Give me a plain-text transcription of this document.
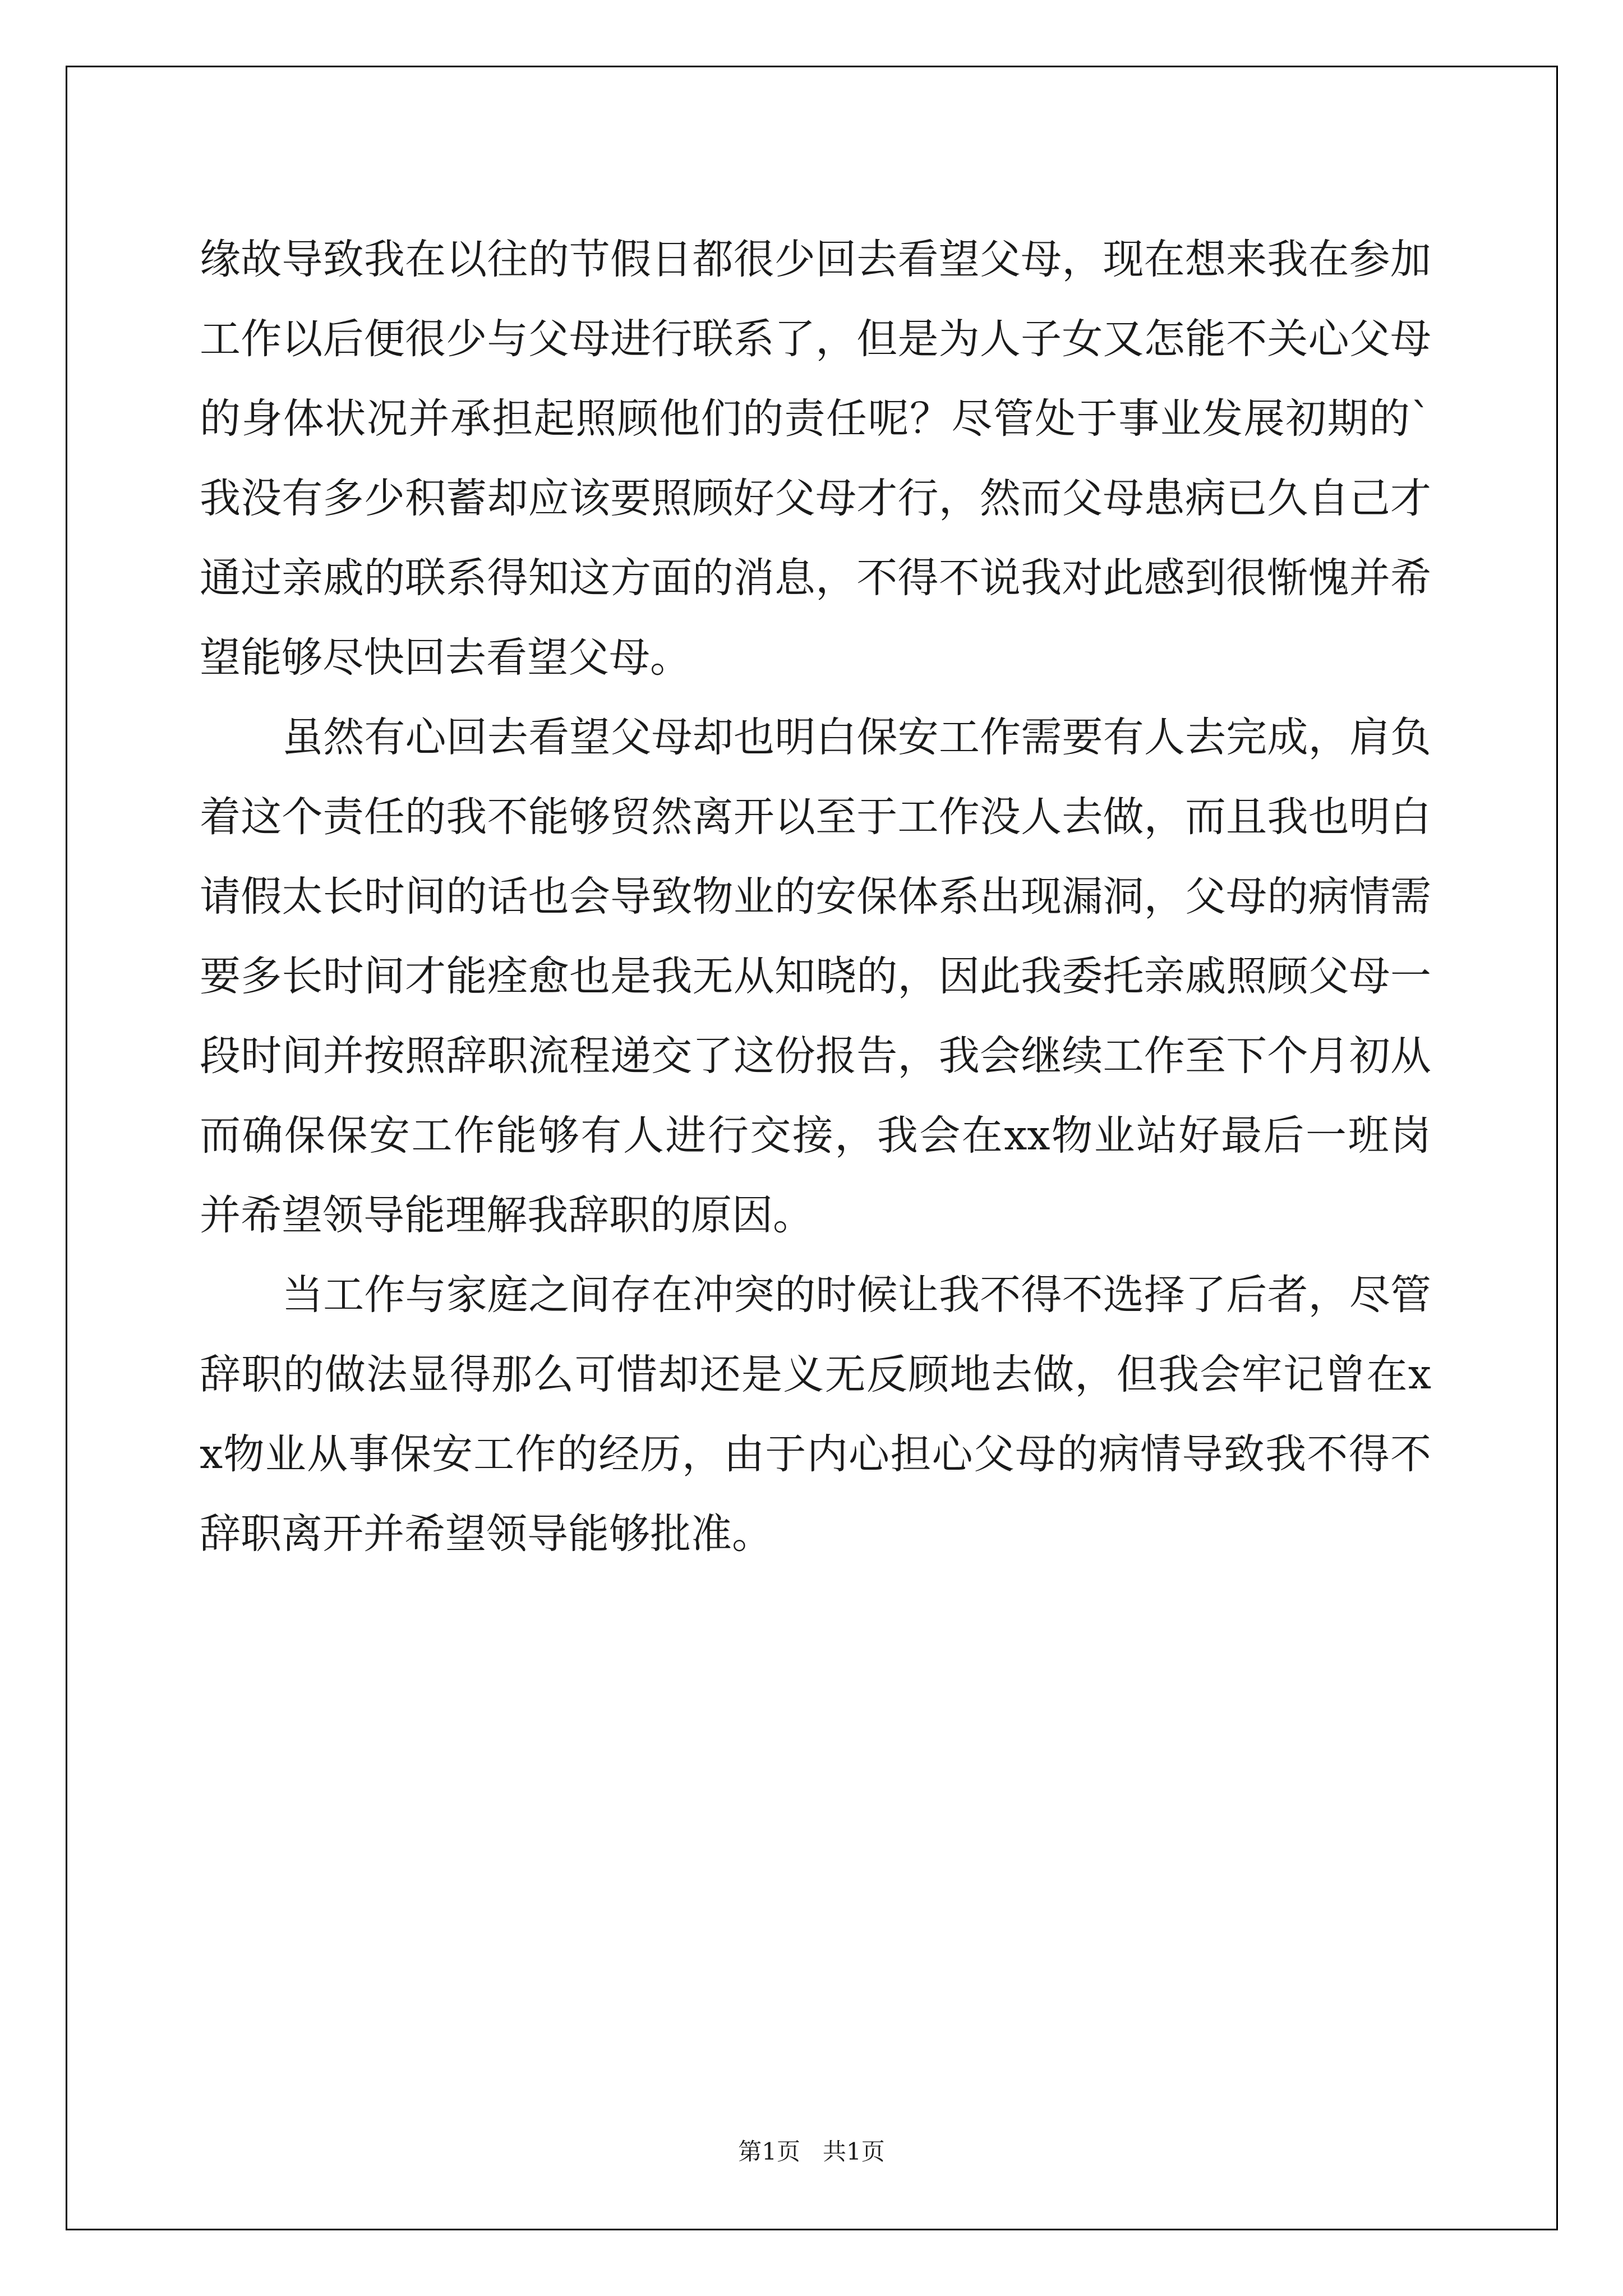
缘故导致我在以往的节假日都很少回去看望父母，现在想来我在参加工作以后便很少与父母进行联系了，但是为人子女又怎能不关心父母的身体状况并承担起照顾他们的责任呢？尽管处于事业发展初期的`我没有多少积蓄却应该要照顾好父母才行，然而父母患病已久自己才通过亲戚的联系得知这方面的消息，不得不说我对此感到很惭愧并希望能够尽快回去看望父母。

虽然有心回去看望父母却也明白保安工作需要有人去完成，肩负着这个责任的我不能够贸然离开以至于工作没人去做，而且我也明白请假太长时间的话也会导致物业的安保体系出现漏洞，父母的病情需要多长时间才能痊愈也是我无从知晓的，因此我委托亲戚照顾父母一段时间并按照辞职流程递交了这份报告，我会继续工作至下个月初从而确保保安工作能够有人进行交接，我会在xx物业站好最后一班岗并希望领导能理解我辞职的原因。

当工作与家庭之间存在冲突的时候让我不得不选择了后者，尽管辞职的做法显得那么可惜却还是义无反顾地去做，但我会牢记曾在xx物业从事保安工作的经历，由于内心担心父母的病情导致我不得不辞职离开并希望领导能够批准。

第1页   共1页
